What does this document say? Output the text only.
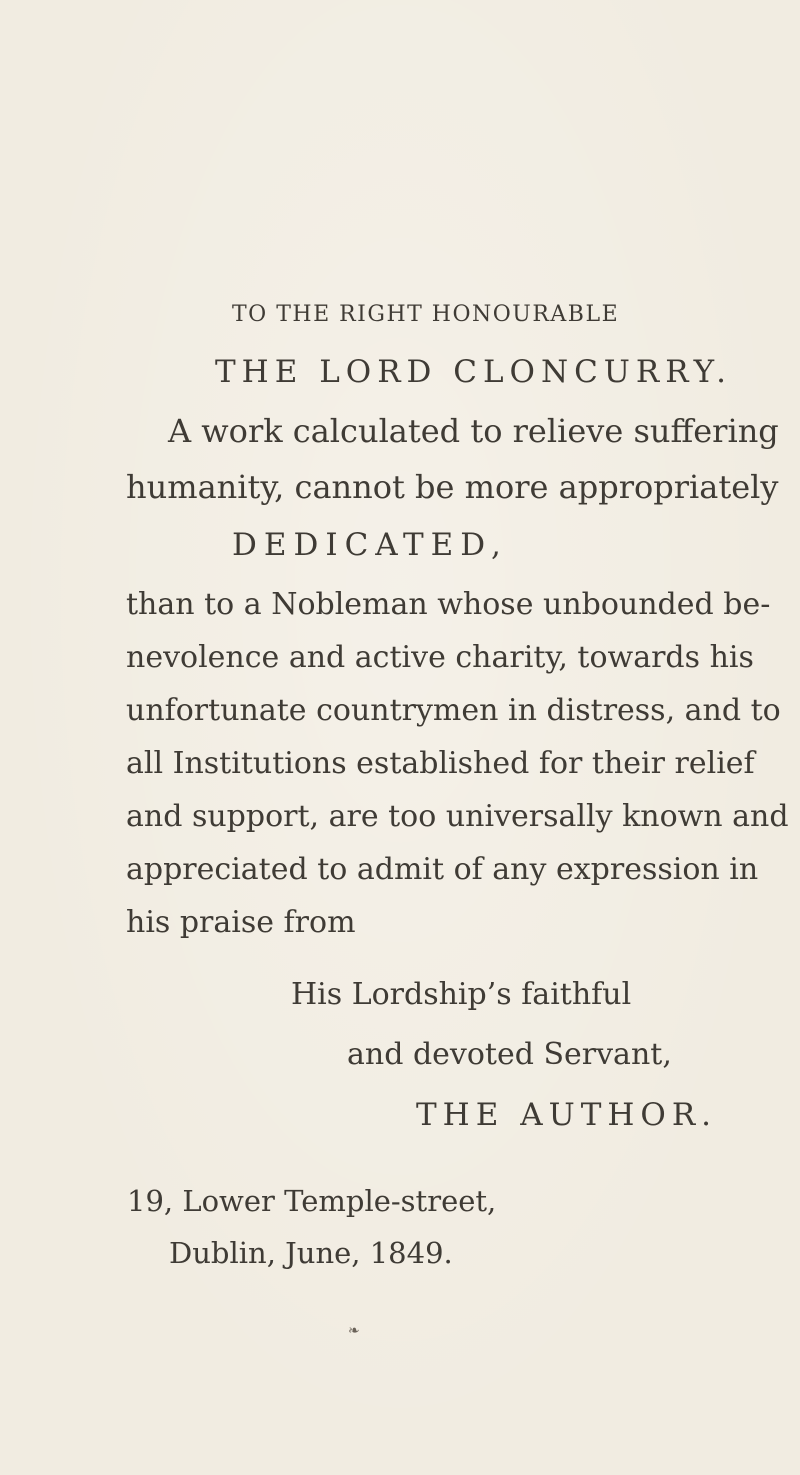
TO THE RIGHT HONOURABLE
THE LORD CLONCURRY.
A work calculated to relieve suffering
humanity, cannot be more appropriately
DEDICATED,
than to a Nobleman whose unbounded be-
nevolence and active charity, towards his
unfortunate countrymen in distress, and to
all Institutions established for their relief
and support, are too universally known and
appreciated to admit of any expression in
his praise from
His Lordship’s faithful
and devoted Servant,
THE AUTHOR.
19, Lower Temple-street,
Dublin, June, 1849.
❧
